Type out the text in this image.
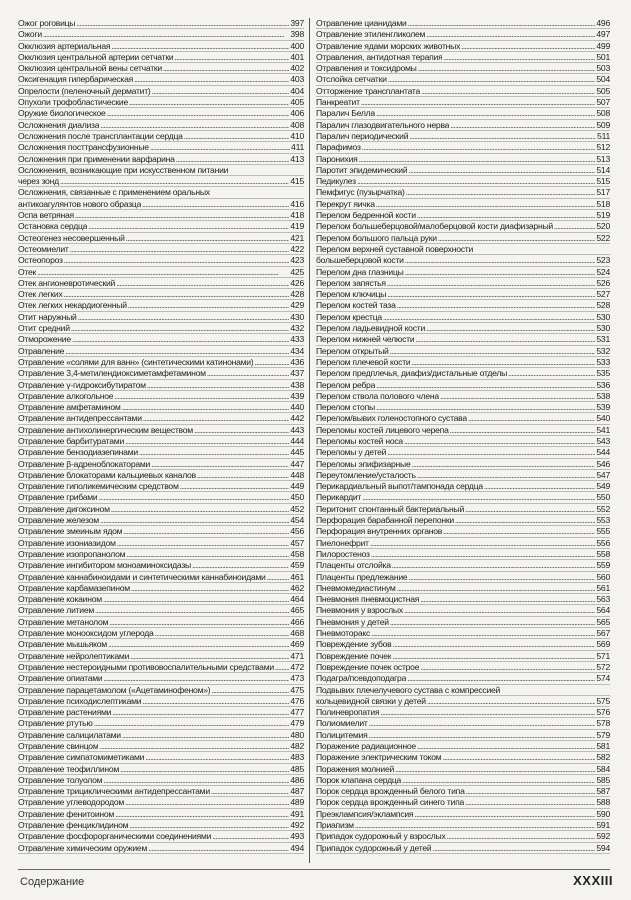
Ожог роговицы . . .	397
Ожоги . . .	398
Окклюзия артериальная . . .	400
Окклюзия центральной артерии сетчатки . . .	401
Окклюзия центральной вены сетчатки . . .	402
Оксигенация гипербарическая . . .	403
Опрелости (пеленочный дерматит) . . .	404
Опухоли трофобластические . . .	405
Оружие биологическое . . .	406
Осложнения диализа . . .	408
Осложнения после трансплантации сердца . . .	410
Осложнения посттрансфузионные . . .	411
Осложнения при применении варфарина . . .	413
Осложнения, возникающие при искусственном питании
через зонд . . .	415
Осложнения, связанные с применением оральных
антикоагулянтов нового образца . . .	416
Оспа ветряная . . .	418
Остановка сердца . . .	419
Остеогенез несовершенный . . .	421
Остеомиелит . . .	422
Остеопороз . . .	423
Отек . . .	425
Отек ангионевротический . . .	426
Отек легких . . .	428
Отек легких некардиогенный . . .	429
Отит наружный . . .	430
Отит средний . . .	432
Отморожение . . .	433
Отравление . . .	434
Отравление «солями для ванн» (синтетическими катинонами) . . .	436
Отравление 3,4-метилендиоксиметамфетамином . . .	437
Отравление γ-гидроксибутиратом . . .	438
Отравление алкогольное . . .	439
Отравление амфетамином . . .	440
Отравление антидепрессантами . . .	442
Отравление антихолинергическим веществом . . .	443
Отравление барбитуратами . . .	444
Отравление бензодиазепинами . . .	445
Отравление β-адреноблокаторами . . .	447
Отравление блокаторами кальциевых каналов . . .	448
Отравление гиполикемическим средством . . .	449
Отравление грибами . . .	450
Отравление дигоксином . . .	452
Отравление железом . . .	454
Отравление змеиным ядом . . .	456
Отравление изониазидом . . .	457
Отравление изопропанолом . . .	458
Отравление ингибитором моноаминоксидазы . . .	459
Отравление каннабиноидами и синтетическими каннабиноидами . . .	461
Отравление карбамазепином . . .	462
Отравление кокаином . . .	464
Отравление литием . . .	465
Отравление метанолом . . .	466
Отравление монооксидом углерода . . .	468
Отравление мышьяком . . .	469
Отравление нейролептиками . . .	471
Отравление нестероидными противовоспалительными средствами . . . 472
Отравление опиатами . . .	473
Отравление парацетамолом («Ацетаминофеном») . . .	475
Отравление психодислептиками . . .	476
Отравление растениями . . .	477
Отравление ртутью . . .	479
Отравление салицилатами . . .	480
Отравление свинцом . . .	482
Отравление симпатомиметиками . . .	483
Отравление теофиллином . . .	485
Отравление толуолом . . .	486
Отравление трициклическими антидепрессантами . . .	487
Отравление углеводородом . . .	489
Отравление фенитоином . . .	491
Отравление фенциклидином . . .	492
Отравление фосфорорганическими соединениями . . .	493
Отравление химическим оружием . . .	494
Отравление цианидами . . .	496
Отравление этиленгликолем . . .	497
Отравление ядами морских животных . . .	499
Отравления, антидотная терапия . . .	501
Отравления и токсидромы . . .	503
Отслойка сетчатки . . .	504
Отторжение трансплантата . . .	505
Панкреатит . . .	507
Паралич Белла . . .	508
Паралич глазодвигательного нерва . . .	509
Паралич периодический . . .	511
Парафимоз . . .	512
Паронихия . . .	513
Паротит эпидемический . . .	514
Педикулез . . .	515
Пемфигус (пузырчатка) . . .	517
Перекрут яичка . . .	518
Перелом бедренной кости . . .	519
Перелом большеберцовой/малоберцовой кости диафизарный . . .	520
Перелом большого пальца руки . . .	522
Перелом верхней суставной поверхности
большеберцовой кости . . .	523
Перелом дна глазницы . . .	524
Перелом запястья . . .	526
Перелом ключицы . . .	527
Перелом костей таза . . .	528
Перелом крестца . . .	530
Перелом ладьевидной кости . . .	530
Перелом нижней челюсти . . .	531
Перелом открытый . . .	532
Перелом плечевой кости . . .	533
Перелом предплечья, диафиз/дистальные отделы . . .	535
Перелом ребра . . .	536
Перелом ствола полового члена . . .	538
Перелом стопы . . .	539
Перелом/вывих голеностопного сустава . . .	540
Переломы костей лицевого черепа . . .	541
Переломы костей носа . . .	543
Переломы у детей . . .	544
Переломы эпифизарные . . .	546
Переутомление/усталость . . .	547
Перикардиальный выпот/тампонада сердца . . .	549
Перикардит . . .	550
Перитонит спонтанный бактериальный . . .	552
Перфорация барабанной перепонки . . .	553
Перфорация внутренних органов . . .	555
Пиелонефрит . . .	556
Пилоростеноз . . .	558
Плаценты отслойка . . .	559
Плаценты предлежание . . .	560
Пневмомедиастинум . . .	561
Пневмония пневмоцистная . . .	563
Пневмония у взрослых . . .	564
Пневмония у детей . . .	565
Пневмоторакс . . .	567
Повреждение зубов . . .	569
Повреждение почек . . .	571
Повреждение почек острое . . .	572
Подагра/псевдоподагра . . .	574
Подвывих плечелучевого сустава с компрессией
кольцевидной связки у детей . . .	575
Полиневропатия . . .	576
Полиомиелит . . .	578
Полицитемия . . .	579
Поражение радиационное . . .	581
Поражение электрическим током . . .	582
Поражения молнией . . .	584
Порок клапана сердца . . .	585
Порок сердца врожденный белого типа . . .	587
Порок сердца врожденный синего типа . . .	588
Преэклампсия/эклампсия . . .	590
Приапизм . . .	591
Припадок судорожный у взрослых . . .	592
Припадок судорожный у детей . . .	594
Содержание	XXXIII
